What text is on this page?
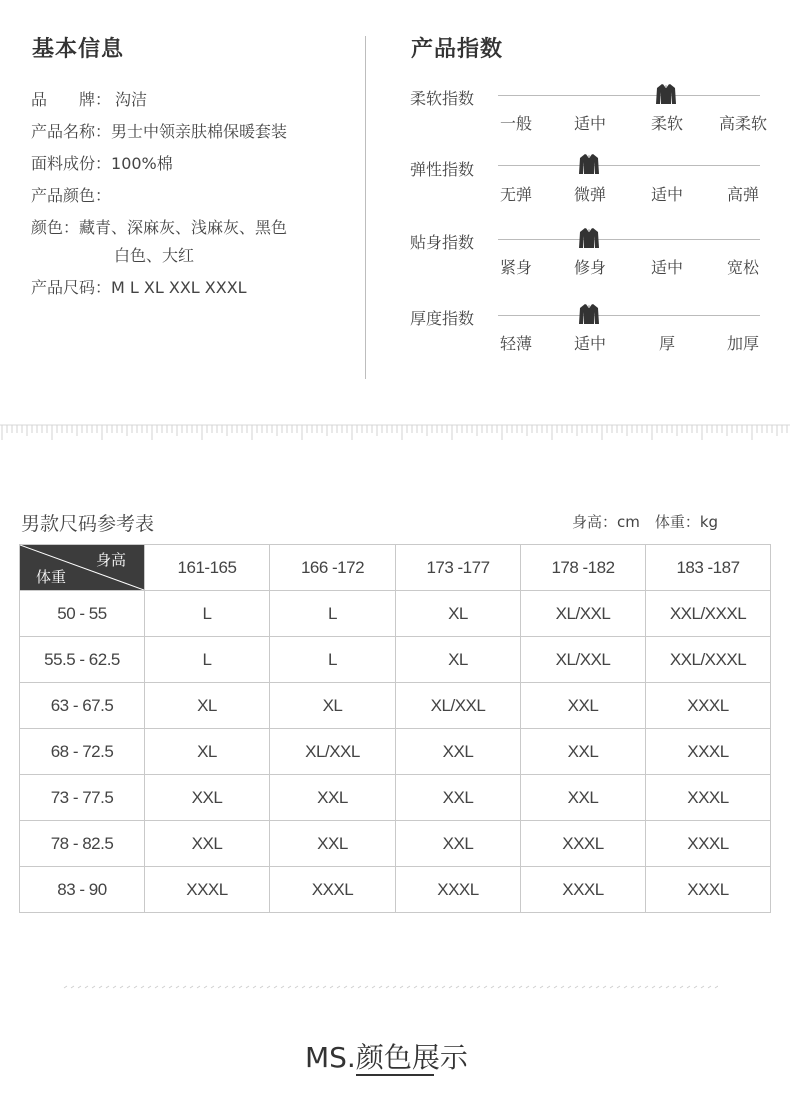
基本信息
品　　牌： 沟洁
产品名称：男士中领亲肤棉保暖套装
面料成份：100%棉
产品颜色：
颜色：藏青、深麻灰、浅麻灰、黑色
白色、大红
产品尺码：M L XL XXL XXXL
产品指数
柔软指数
一般	适中	柔软 高柔软
弹性指数
无弹	微弹	适中	高弹
贴身指数
紧身	修身	适中	宽松
厚度指数
轻薄	适中	厚	加厚
男款尺码参考表	身高：cm　体重：kg
身高
体重	161-165	166 -172	173 -177	178 -182	183 -187
50 - 55	L	L	XL	XL/XXL	XXL/XXXL
55.5 - 62.5	L	L	XL	XL/XXL	XXL/XXXL
63 - 67.5	XL	XL	XL/XXL	XXL	XXXL
68 - 72.5	XL	XL/XXL	XXL	XXL	XXXL
73 - 77.5	XXL	XXL	XXL	XXL	XXXL
78 - 82.5	XXL	XXL	XXL	XXXL	XXXL
83 - 90	XXXL	XXXL	XXXL	XXXL	XXXL
MS.颜色展示
